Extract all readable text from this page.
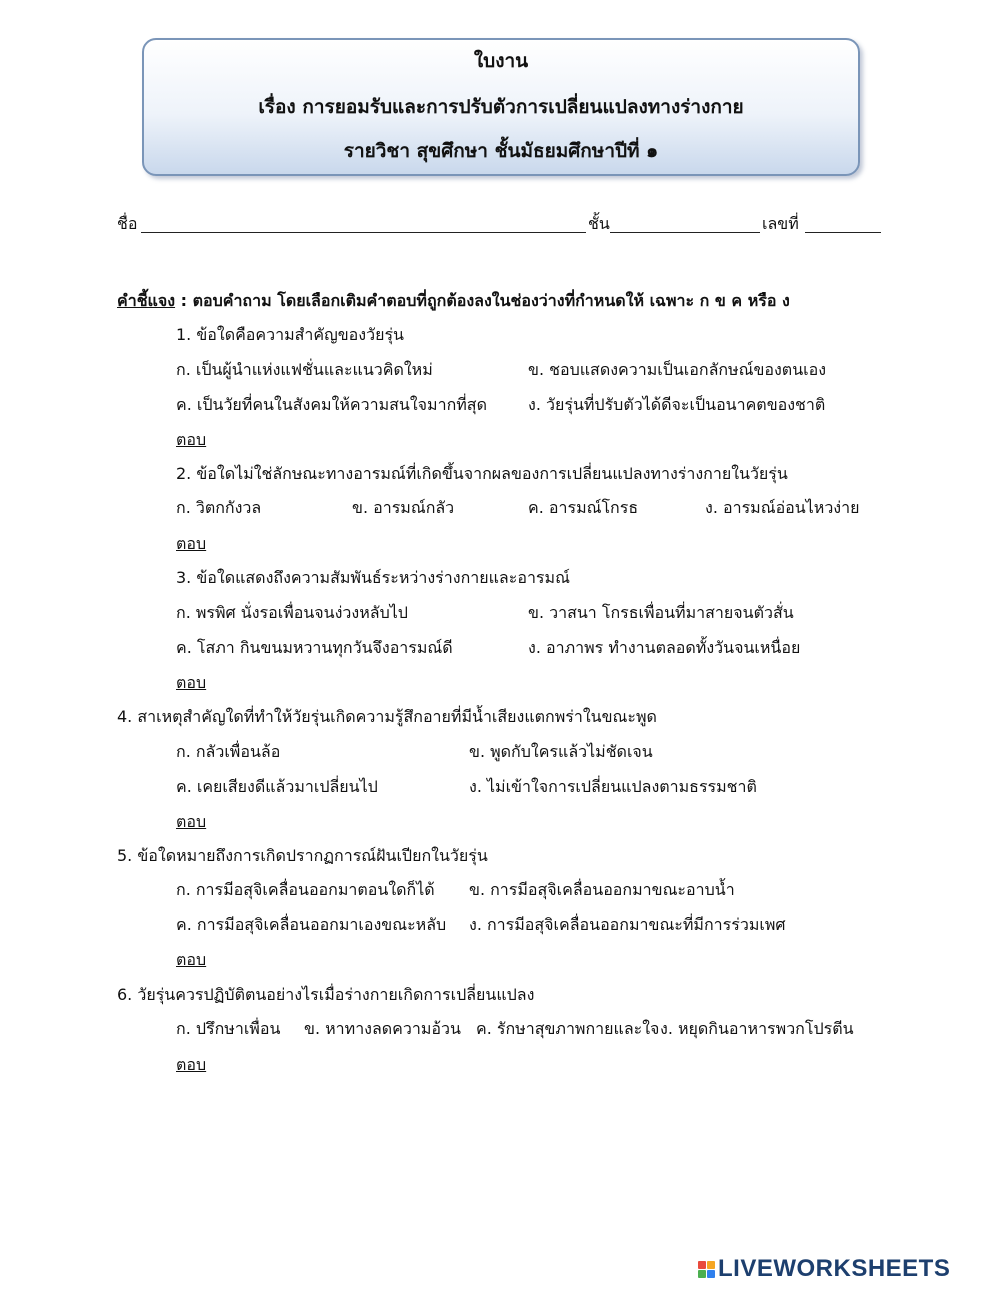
ใบงาน
เรื่อง การยอมรับและการปรับตัวการเปลี่ยนแปลงทางร่างกาย
รายวิชา สุขศึกษา ชั้นมัธยมศึกษาปีที่ ๑
ชื่อ	ชั้น	เลขที่
คำชี้แจง : ตอบคำถาม โดยเลือกเติมคำตอบที่ถูกต้องลงในช่องว่างที่กำหนดให้ เฉพาะ ก ข ค หรือ ง
1. ข้อใดคือความสำคัญของวัยรุ่น
ก. เป็นผู้นำแห่งแฟชั่นและแนวคิดใหม่	ข. ชอบแสดงความเป็นเอกลักษณ์ของตนเอง
ค. เป็นวัยที่คนในสังคมให้ความสนใจมากที่สุด	ง. วัยรุ่นที่ปรับตัวได้ดีจะเป็นอนาคตของชาติ
ตอบ
2. ข้อใดไม่ใช่ลักษณะทางอารมณ์ที่เกิดขึ้นจากผลของการเปลี่ยนแปลงทางร่างกายในวัยรุ่น
ก. วิตกกังวล	ข. อารมณ์กลัว	ค. อารมณ์โกรธ	ง. อารมณ์อ่อนไหวง่าย
ตอบ
3. ข้อใดแสดงถึงความสัมพันธ์ระหว่างร่างกายและอารมณ์
ก. พรพิศ นั่งรอเพื่อนจนง่วงหลับไป	ข. วาสนา โกรธเพื่อนที่มาสายจนตัวสั่น
ค. โสภา กินขนมหวานทุกวันจึงอารมณ์ดี	ง. อาภาพร ทำงานตลอดทั้งวันจนเหนื่อย
ตอบ
4. สาเหตุสำคัญใดที่ทำให้วัยรุ่นเกิดความรู้สึกอายที่มีน้ำเสียงแตกพร่าในขณะพูด
ก. กลัวเพื่อนล้อ	ข. พูดกับใครแล้วไม่ชัดเจน
ค. เคยเสียงดีแล้วมาเปลี่ยนไป	ง. ไม่เข้าใจการเปลี่ยนแปลงตามธรรมชาติ
ตอบ
5. ข้อใดหมายถึงการเกิดปรากฏการณ์ฝันเปียกในวัยรุ่น
ก. การมีอสุจิเคลื่อนออกมาตอนใดก็ได้ ข. การมีอสุจิเคลื่อนออกมาขณะอาบน้ำ
ค. การมีอสุจิเคลื่อนออกมาเองขณะหลับ ง. การมีอสุจิเคลื่อนออกมาขณะที่มีการร่วมเพศ
ตอบ
6. วัยรุ่นควรปฏิบัติตนอย่างไรเมื่อร่างกายเกิดการเปลี่ยนแปลง
ก. ปรึกษาเพื่อน ข. หาทางลดความอ้วน ค. รักษาสุขภาพกายและใจ ง. หยุดกินอาหารพวกโปรตีน
ตอบ
LIVEWORKSHEETS
